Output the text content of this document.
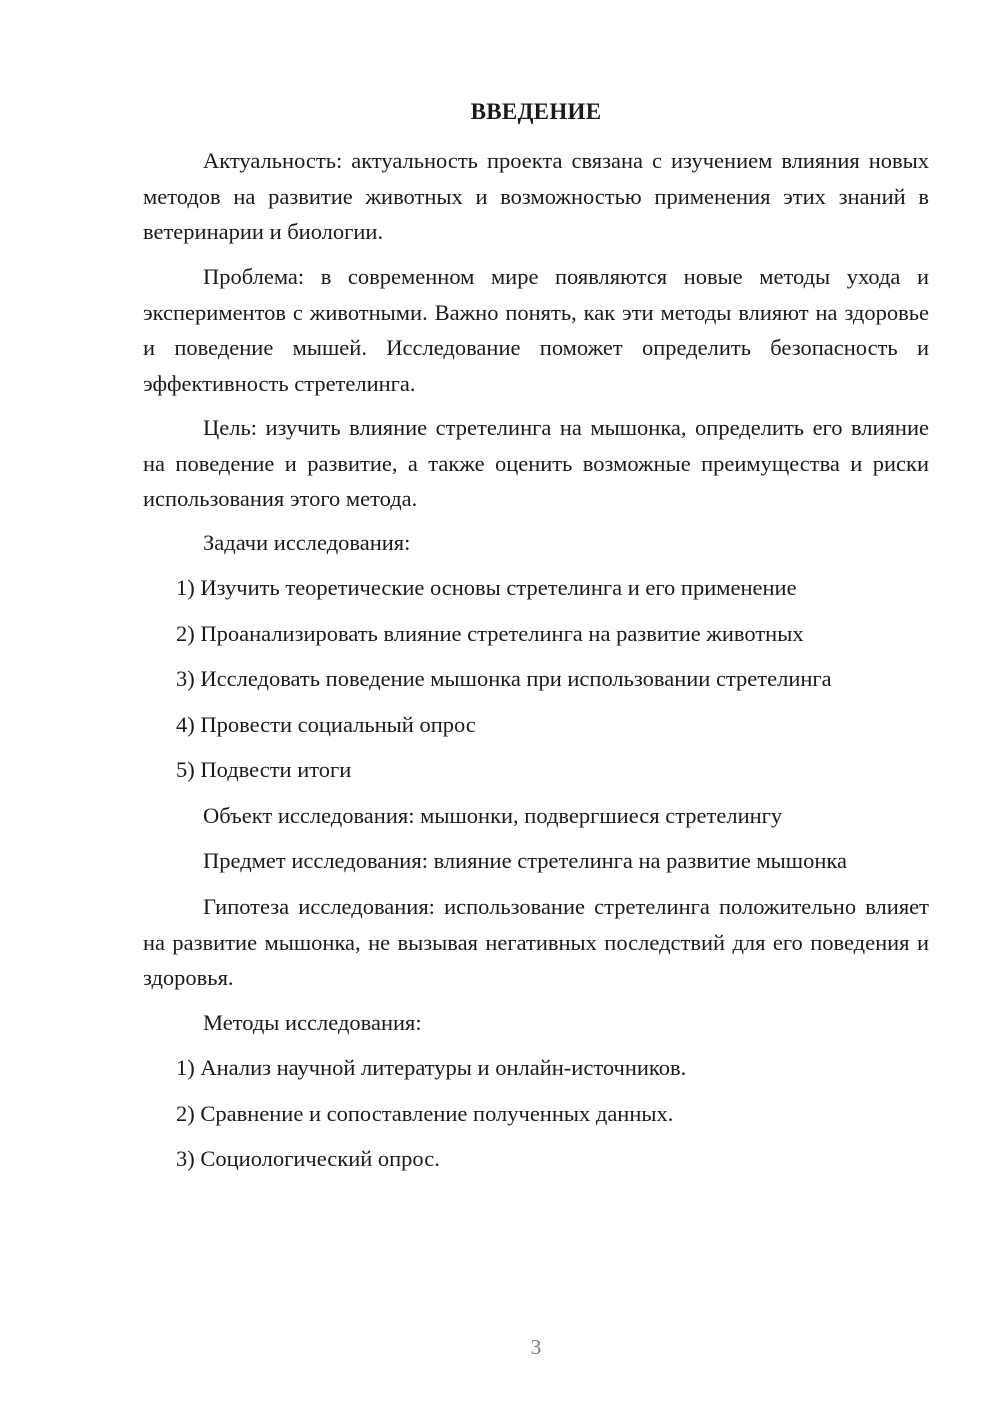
ВВЕДЕНИЕ

Актуальность: актуальность проекта связана с изучением влияния новых методов на развитие животных и возможностью применения этих знаний в ветеринарии и биологии.

Проблема: в современном мире появляются новые методы ухода и экспериментов с животными. Важно понять, как эти методы влияют на здоровье и поведение мышей. Исследование поможет определить безопасность и эффективность стретелинга.

Цель: изучить влияние стретелинга на мышонка, определить его влияние на поведение и развитие, а также оценить возможные преимущества и риски использования этого метода.

Задачи исследования:
1) Изучить теоретические основы стретелинга и его применение
2) Проанализировать влияние стретелинга на развитие животных
3) Исследовать поведение мышонка при использовании стретелинга
4) Провести социальный опрос
5) Подвести итоги
Объект исследования: мышонки, подвергшиеся стретелингу
Предмет исследования: влияние стретелинга на развитие мышонка

Гипотеза исследования: использование стретелинга положительно влияет на развитие мышонка, не вызывая негативных последствий для его поведения и здоровья.

Методы исследования:
1) Анализ научной литературы и онлайн-источников.
2) Сравнение и сопоставление полученных данных.
3) Социологический опрос.
3
